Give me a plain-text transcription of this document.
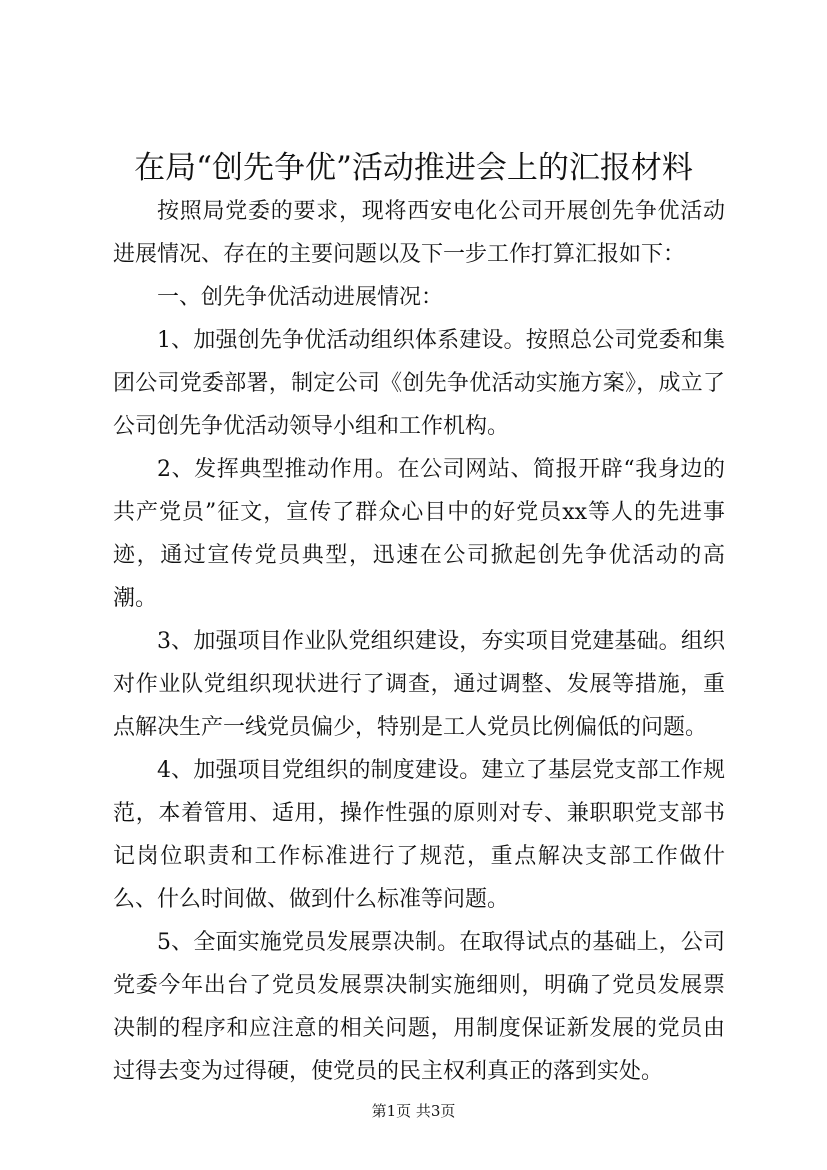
在局“创先争优”活动推进会上的汇报材料

按照局党委的要求，现将西安电化公司开展创先争优活动进展情况、存在的主要问题以及下一步工作打算汇报如下：

一、创先争优活动进展情况：

1、加强创先争优活动组织体系建设。按照总公司党委和集团公司党委部署，制定公司《创先争优活动实施方案》，成立了公司创先争优活动领导小组和工作机构。

2、发挥典型推动作用。在公司网站、简报开辟“我身边的共产党员”征文，宣传了群众心目中的好党员xx等人的先进事迹，通过宣传党员典型，迅速在公司掀起创先争优活动的高潮。

3、加强项目作业队党组织建设，夯实项目党建基础。组织对作业队党组织现状进行了调查，通过调整、发展等措施，重点解决生产一线党员偏少，特别是工人党员比例偏低的问题。

4、加强项目党组织的制度建设。建立了基层党支部工作规范，本着管用、适用，操作性强的原则对专、兼职职党支部书记岗位职责和工作标准进行了规范，重点解决支部工作做什么、什么时间做、做到什么标准等问题。

5、全面实施党员发展票决制。在取得试点的基础上，公司党委今年出台了党员发展票决制实施细则，明确了党员发展票决制的程序和应注意的相关问题，用制度保证新发展的党员由过得去变为过得硬，使党员的民主权利真正的落到实处。

第1页 共3页
